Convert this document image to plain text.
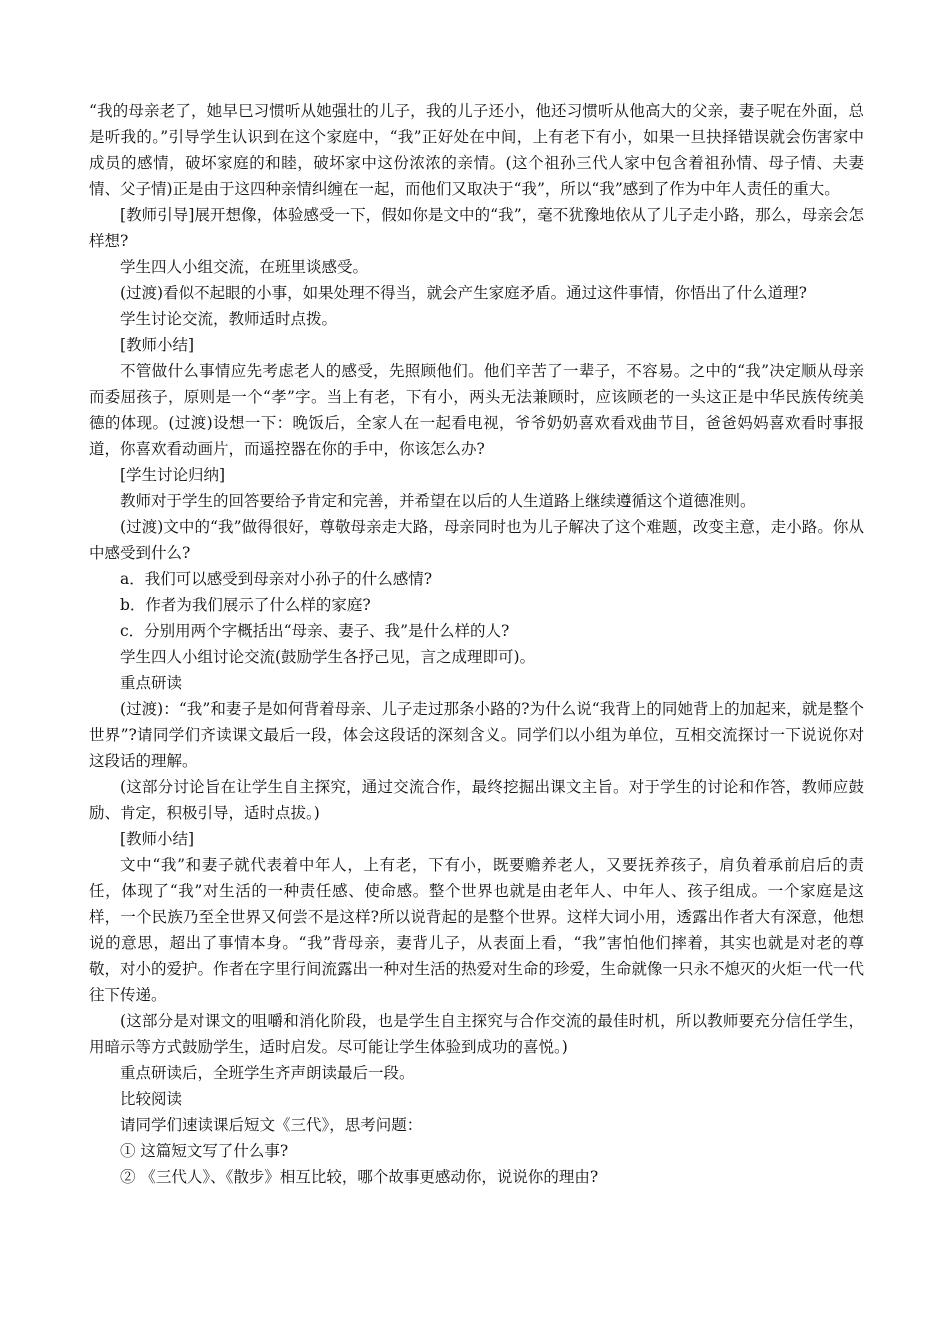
“我的母亲老了，她早巳习惯听从她强壮的儿子，我的儿子还小，他还习惯听从他高大的父亲，妻子呢在外面，总是听我的。”引导学生认识到在这个家庭中，“我”正好处在中间，上有老下有小，如果一旦抉择错误就会伤害家中成员的感情，破坏家庭的和睦，破坏家中这份浓浓的亲情。(这个祖孙三代人家中包含着祖孙情、母子情、夫妻情、父子情)正是由于这四种亲情纠缠在一起，而他们又取决于“我”，所以“我”感到了作为中年人责任的重大。

[教师引导]展开想像，体验感受一下，假如你是文中的“我”，毫不犹豫地依从了儿子走小路，那么，母亲会怎样想?

学生四人小组交流，在班里谈感受。

(过渡)看似不起眼的小事，如果处理不得当，就会产生家庭矛盾。通过这件事情，你悟出了什么道理?

学生讨论交流，教师适时点拨。

[教师小结]

不管做什么事情应先考虑老人的感受，先照顾他们。他们辛苦了一辈子，不容易。之中的“我”决定顺从母亲而委屈孩子，原则是一个“孝”字。当上有老，下有小，两头无法兼顾时，应该顾老的一头这正是中华民族传统美德的体现。(过渡)设想一下：晚饭后，全家人在一起看电视，爷爷奶奶喜欢看戏曲节目，爸爸妈妈喜欢看时事报道，你喜欢看动画片，而遥控器在你的手中，你该怎么办?

[学生讨论归纳]

教师对于学生的回答要给予肯定和完善，并希望在以后的人生道路上继续遵循这个道德准则。

(过渡)文中的“我”做得很好，尊敬母亲走大路，母亲同时也为儿子解决了这个难题，改变主意，走小路。你从中感受到什么?

a．我们可以感受到母亲对小孙子的什么感情?

b．作者为我们展示了什么样的家庭?

c．分别用两个字概括出“母亲、妻子、我”是什么样的人?

学生四人小组讨论交流(鼓励学生各抒己见，言之成理即可)。

重点研读

(过渡)：“我”和妻子是如何背着母亲、儿子走过那条小路的?为什么说“我背上的同她背上的加起来，就是整个世界”?请同学们齐读课文最后一段，体会这段话的深刻含义。同学们以小组为单位，互相交流探讨一下说说你对这段话的理解。

(这部分讨论旨在让学生自主探究，通过交流合作，最终挖掘出课文主旨。对于学生的讨论和作答，教师应鼓励、肯定，积极引导，适时点拔。)

[教师小结]

文中“我”和妻子就代表着中年人，上有老，下有小，既要赡养老人，又要抚养孩子，肩负着承前启后的责任，体现了“我”对生活的一种责任感、使命感。整个世界也就是由老年人、中年人、孩子组成。一个家庭是这样，一个民族乃至全世界又何尝不是这样?所以说背起的是整个世界。这样大词小用，透露出作者大有深意，他想说的意思，超出了事情本身。“我”背母亲，妻背儿子，从表面上看，“我”害怕他们摔着，其实也就是对老的尊敬，对小的爱护。作者在字里行间流露出一种对生活的热爱对生命的珍爱，生命就像一只永不熄灭的火炬一代一代往下传递。

(这部分是对课文的咀嚼和消化阶段，也是学生自主探究与合作交流的最佳时机，所以教师要充分信任学生，用暗示等方式鼓励学生，适时启发。尽可能让学生体验到成功的喜悦。)

重点研读后，全班学生齐声朗读最后一段。

比较阅读

请同学们速读课后短文《三代》，思考问题：

① 这篇短文写了什么事?

② 《三代人》、《散步》相互比较，哪个故事更感动你，说说你的理由?
